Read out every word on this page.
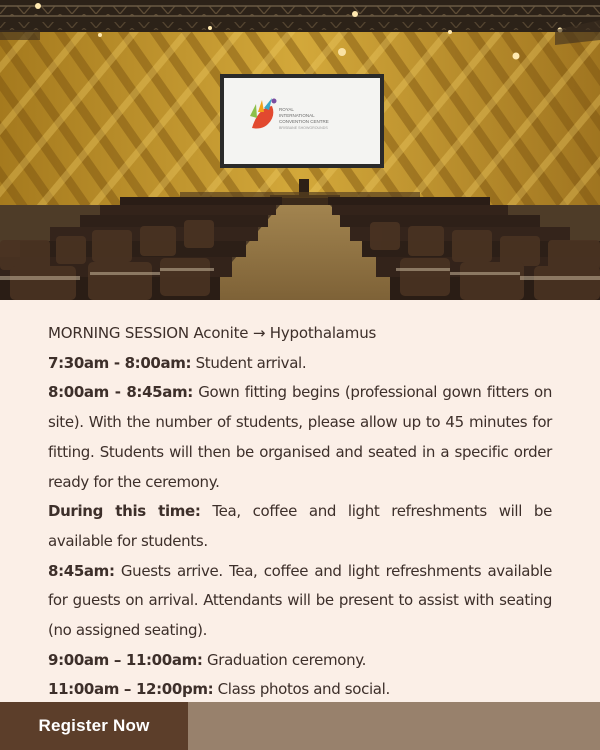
ROYAL
INTERNATIONAL
CONVENTION CENTRE
BRISBANE SHOWGROUNDS

MORNING SESSION Aconite → Hypothalamus

7:30am - 8:00am: Student arrival.

8:00am - 8:45am: Gown fitting begins (professional gown fitters on site). With the number of students, please allow up to 45 minutes for fitting. Students will then be organised and seated in a specific order ready for the ceremony.

During this time: Tea, coffee and light refreshments will be available for students.

8:45am: Guests arrive. Tea, coffee and light refreshments available for guests on arrival. Attendants will be present to assist with seating (no assigned seating).

9:00am – 11:00am: Graduation ceremony.

11:00am – 12:00pm: Class photos and social.

Register Now
